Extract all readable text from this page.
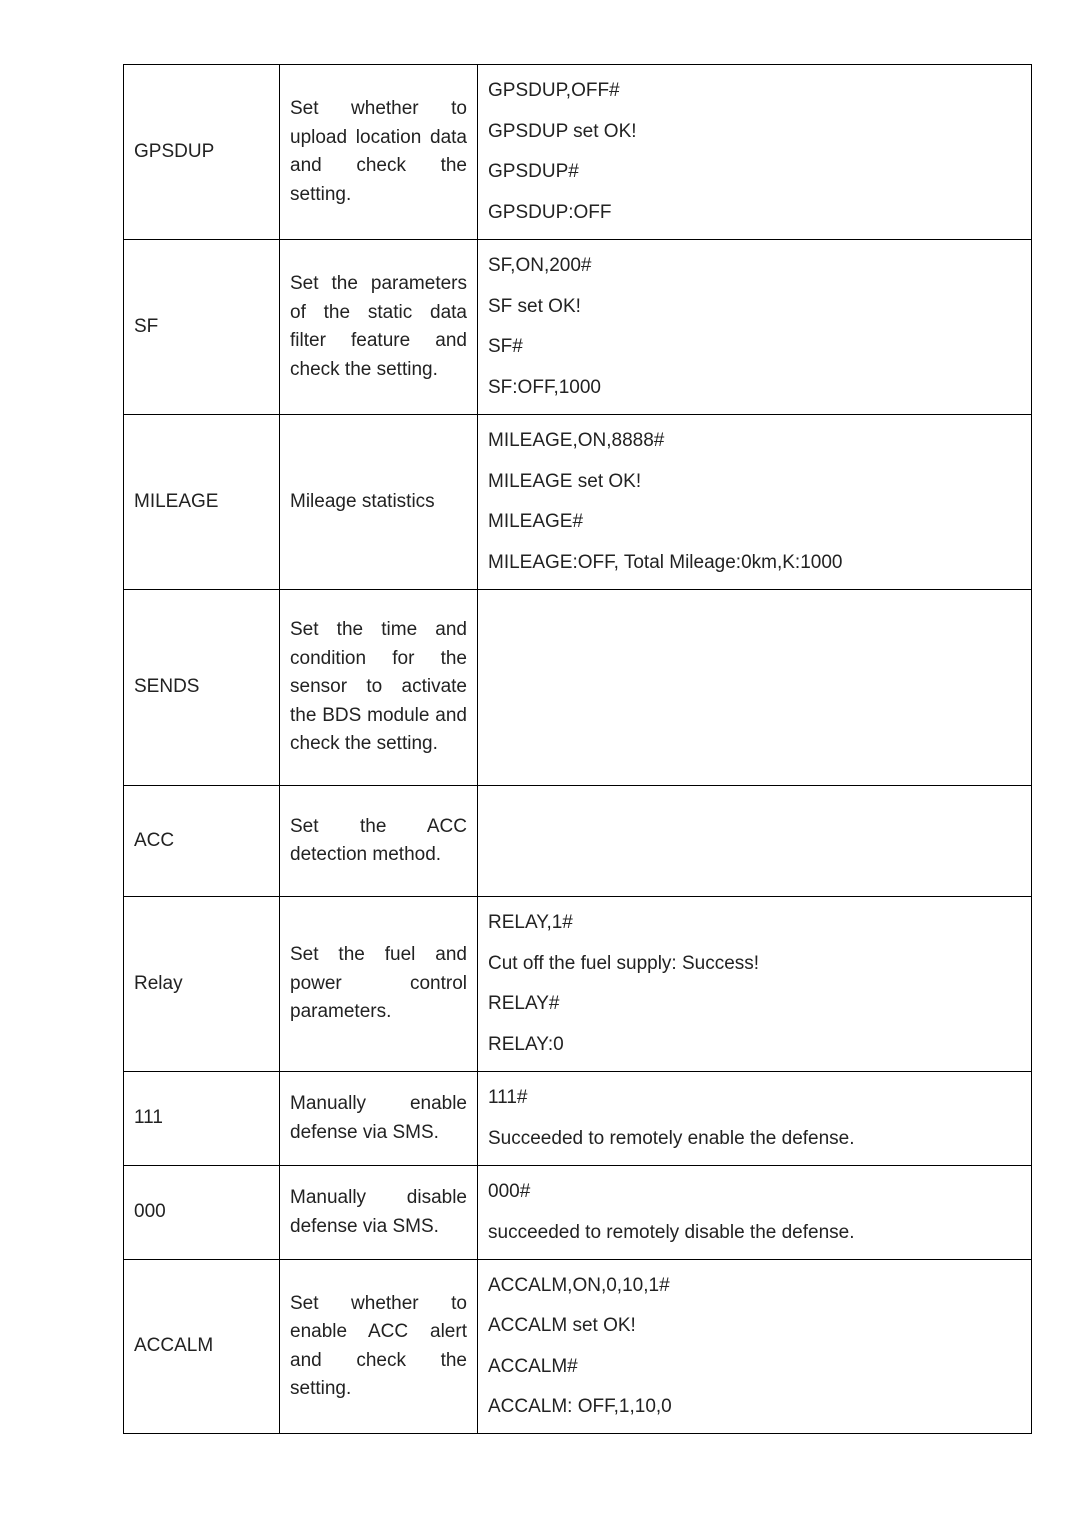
GPSDUP	Set whether to upload location data and check the setting.	GPSDUP,OFF#
GPSDUP set OK!
GPSDUP#
GPSDUP:OFF

SF	Set the parameters of the static data filter feature and check the setting.	SF,ON,200#
SF set OK!
SF#
SF:OFF,1000

MILEAGE	Mileage statistics	MILEAGE,ON,8888#
MILEAGE set OK!
MILEAGE#
MILEAGE:OFF, Total Mileage:0km,K:1000

SENDS	Set the time and condition for the sensor to activate the BDS module and check the setting.	
ACC	Set the ACC detection method.	
Relay	Set the fuel and power control parameters.	RELAY,1#
Cut off the fuel supply: Success!
RELAY#
RELAY:0

111	Manually enable defense via SMS.	111#
Succeeded to remotely enable the defense.

000	Manually disable defense via SMS.	000#
succeeded to remotely disable the defense.

ACCALM	Set whether to enable ACC alert and check the setting.	ACCALM,ON,0,10,1#
ACCALM set OK!
ACCALM#
ACCALM: OFF,1,10,0
